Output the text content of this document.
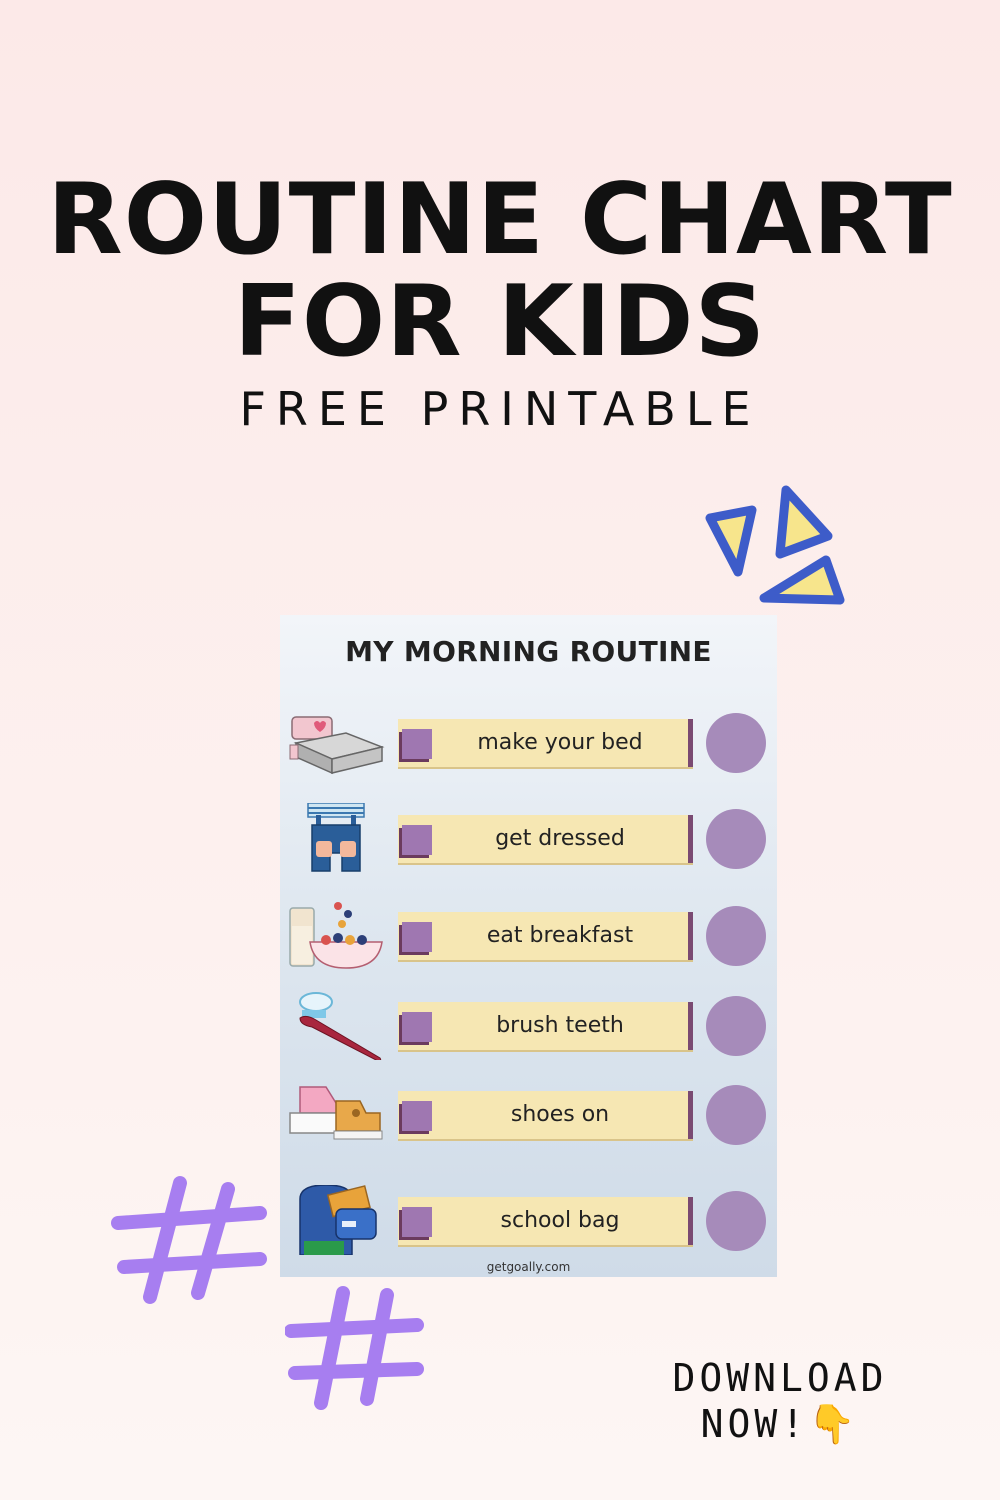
ROUTINE CHART
FOR KIDS
FREE PRINTABLE
MY MORNING ROUTINE
make your bed
get dressed
eat breakfast
brush teeth
shoes on
school bag
getgoally.com
DOWNLOAD
NOW!👇
